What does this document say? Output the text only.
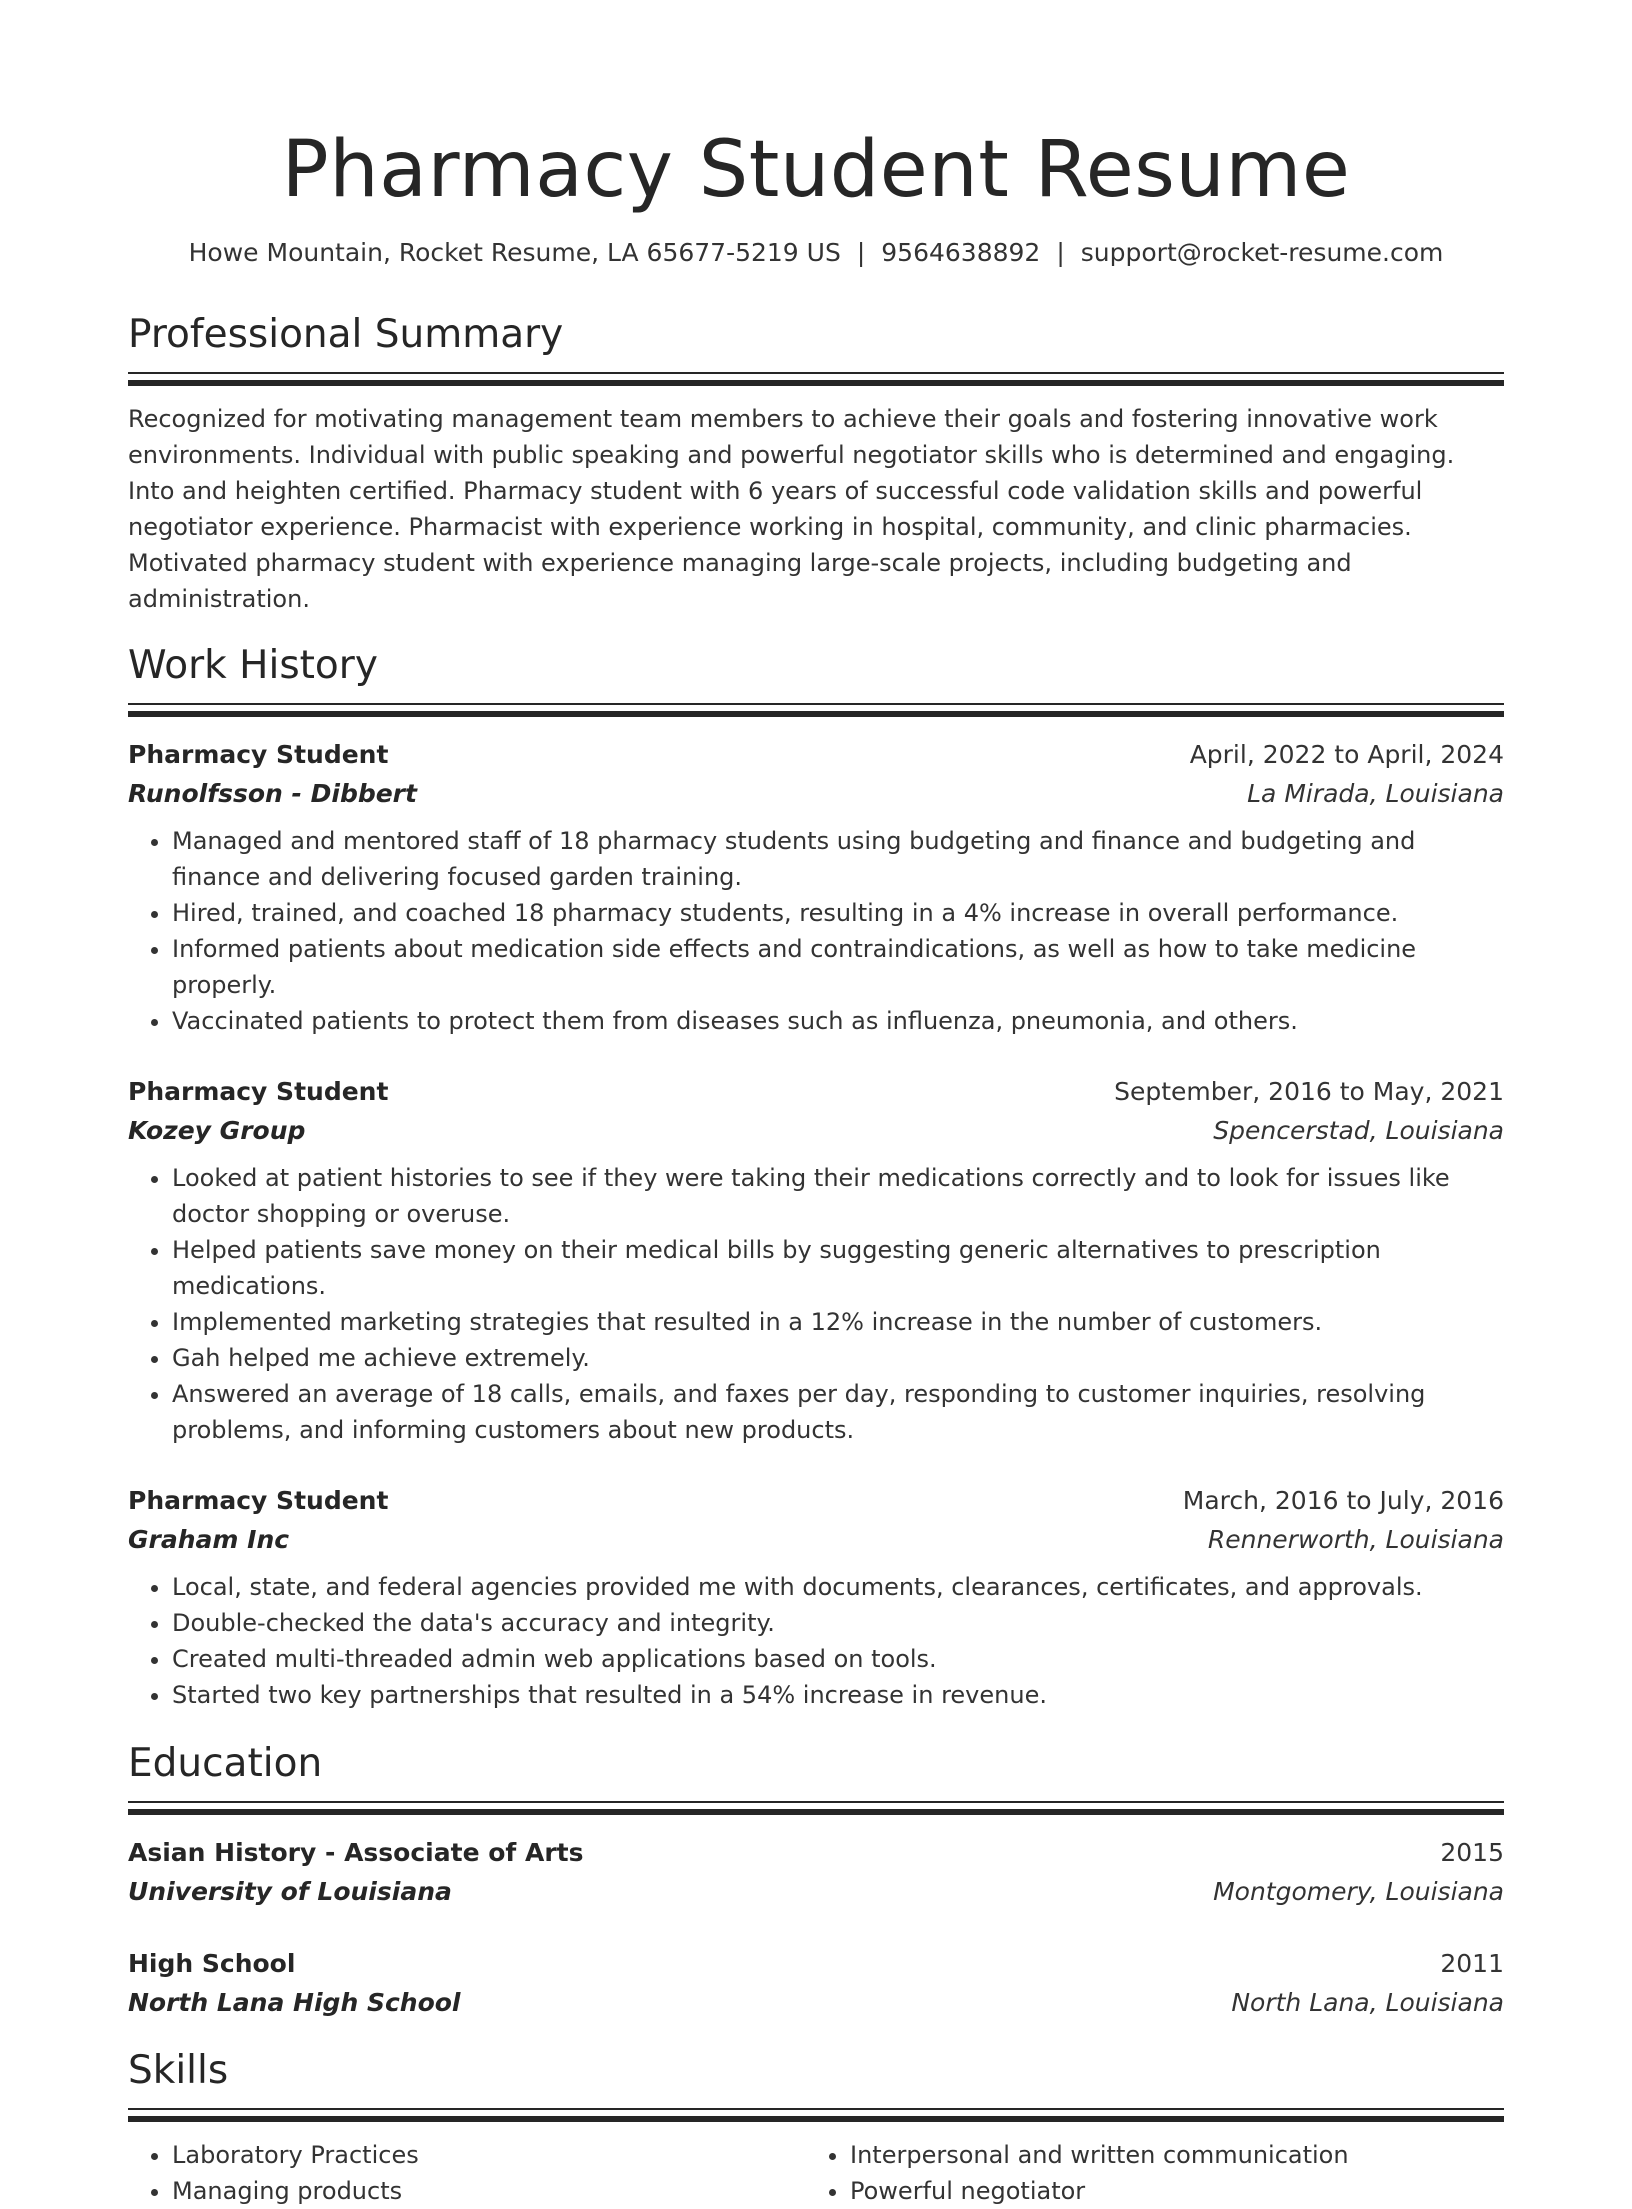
Pharmacy Student Resume
Howe Mountain, Rocket Resume, LA 65677-5219 US | 9564638892 | support@rocket-resume.com
Professional Summary

Recognized for motivating management team members to achieve their goals and fostering innovative work environments. Individual with public speaking and powerful negotiator skills who is determined and engaging. Into and heighten certified. Pharmacy student with 6 years of successful code validation skills and powerful negotiator experience. Pharmacist with experience working in hospital, community, and clinic pharmacies. Motivated pharmacy student with experience managing large-scale projects, including budgeting and administration.

Work History
Pharmacy Student	April, 2022 to April, 2024
Runolfsson - Dibbert	La Mirada, Louisiana
• Managed and mentored staff of 18 pharmacy students using budgeting and finance and budgeting and finance and delivering focused garden training.
• Hired, trained, and coached 18 pharmacy students, resulting in a 4% increase in overall performance.
• Informed patients about medication side effects and contraindications, as well as how to take medicine properly.
• Vaccinated patients to protect them from diseases such as influenza, pneumonia, and others.
Pharmacy Student	September, 2016 to May, 2021
Kozey Group	Spencerstad, Louisiana
• Looked at patient histories to see if they were taking their medications correctly and to look for issues like doctor shopping or overuse.
• Helped patients save money on their medical bills by suggesting generic alternatives to prescription medications.
• Implemented marketing strategies that resulted in a 12% increase in the number of customers.
• Gah helped me achieve extremely.
• Answered an average of 18 calls, emails, and faxes per day, responding to customer inquiries, resolving problems, and informing customers about new products.
Pharmacy Student	March, 2016 to July, 2016
Graham Inc	Rennerworth, Louisiana
• Local, state, and federal agencies provided me with documents, clearances, certificates, and approvals.
• Double-checked the data's accuracy and integrity.
• Created multi-threaded admin web applications based on tools.
• Started two key partnerships that resulted in a 54% increase in revenue.
Education
Asian History - Associate of Arts	2015
University of Louisiana	Montgomery, Louisiana
High School	2011
North Lana High School	North Lana, Louisiana
Skills
• Laboratory Practices
• Managing products
• Interpersonal and written communication
• Powerful negotiator
